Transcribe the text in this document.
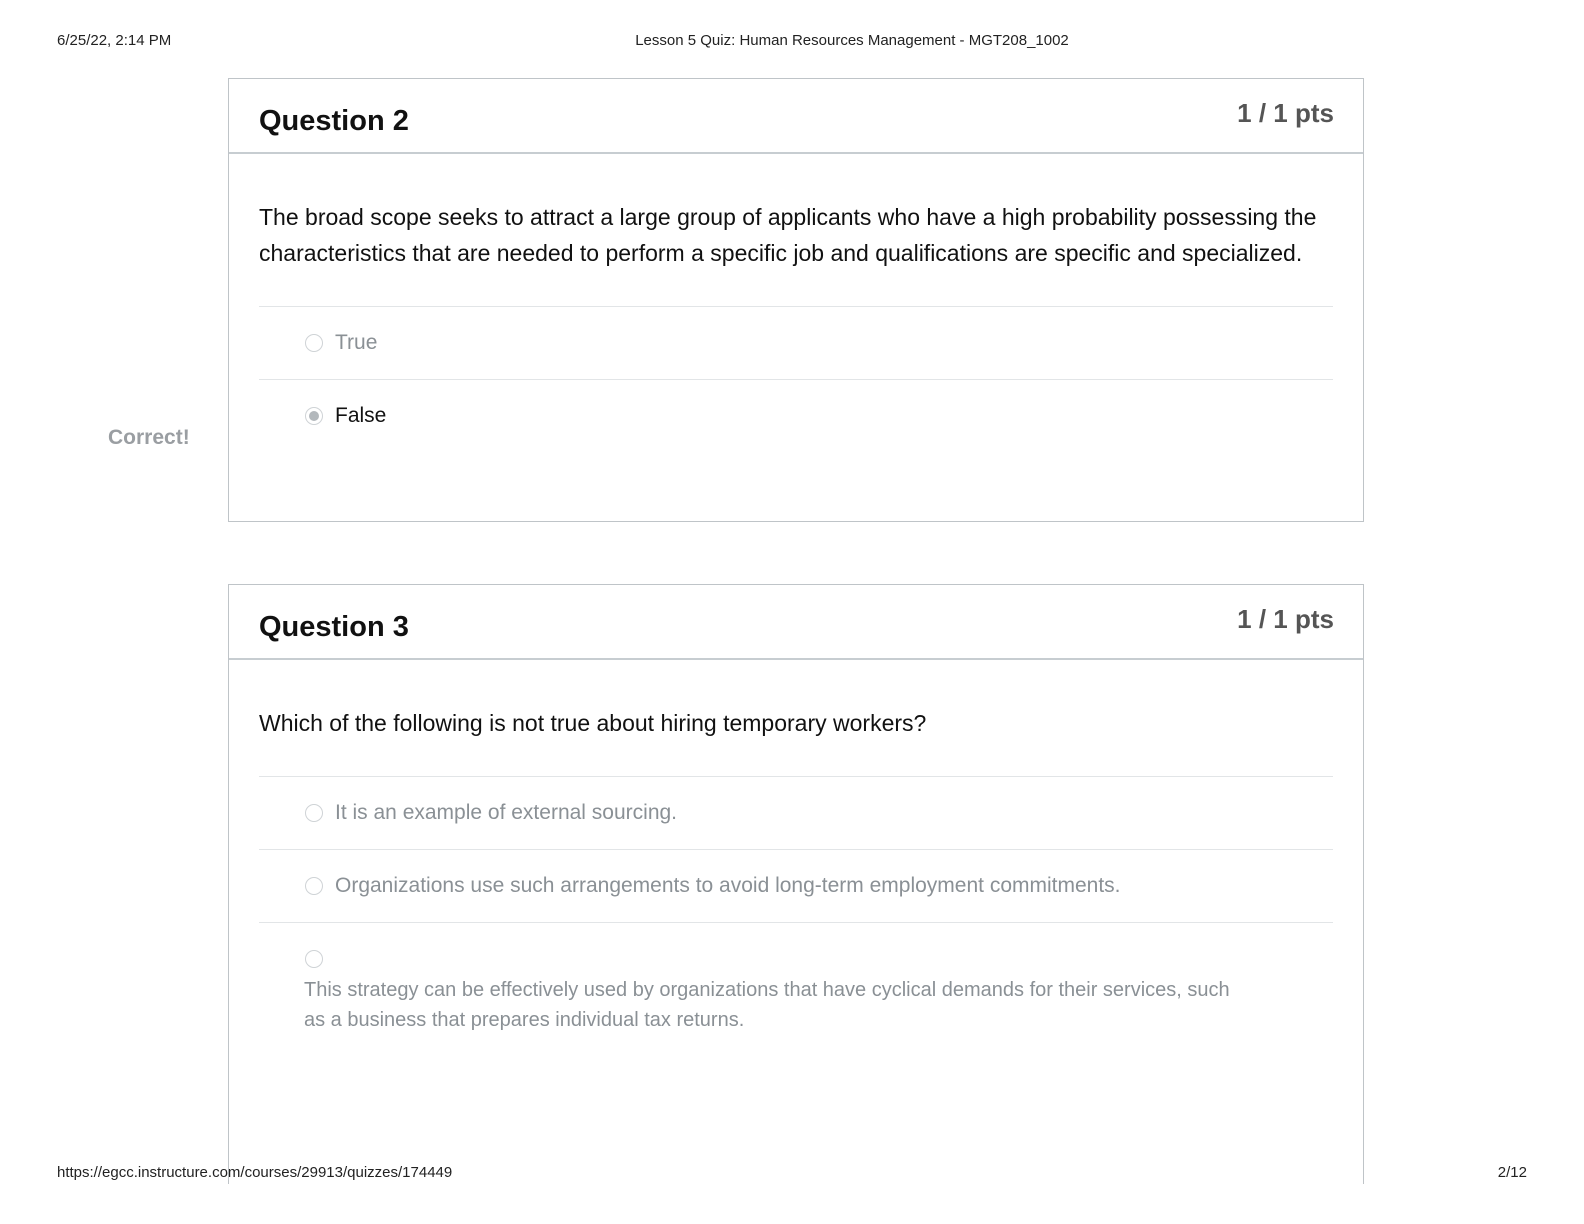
6/25/22, 2:14 PM	Lesson 5 Quiz: Human Resources Management - MGT208_1002
Correct!
Question 2	1 / 1 pts
The broad scope seeks to attract a large group of applicants who have a high probability possessing the characteristics that are needed to perform a specific job and qualifications are specific and specialized.
True
False
Question 3	1 / 1 pts
Which of the following is not true about hiring temporary workers?
It is an example of external sourcing.
Organizations use such arrangements to avoid long-term employment commitments.
This strategy can be effectively used by organizations that have cyclical demands for their services, such as a business that prepares individual tax returns.
https://egcc.instructure.com/courses/29913/quizzes/174449	2/12
